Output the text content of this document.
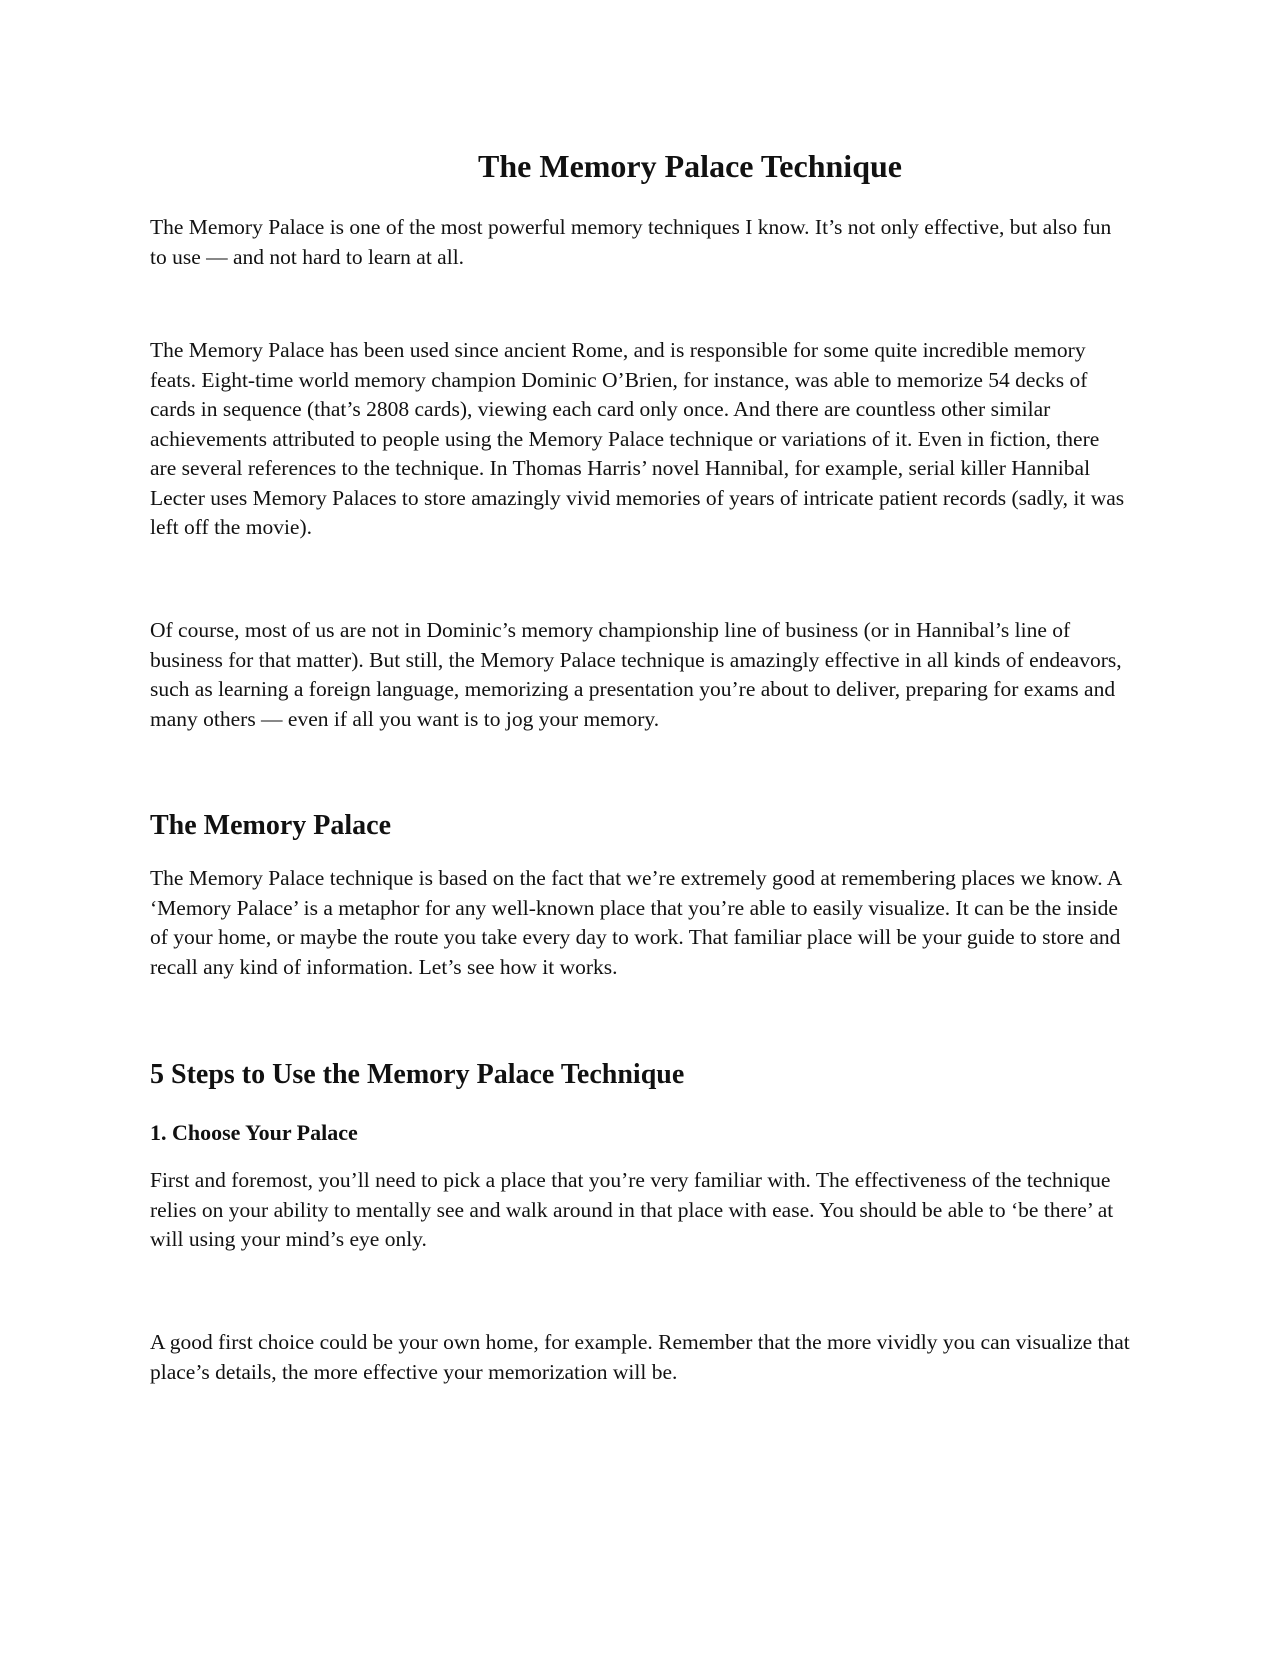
The Memory Palace Technique

The Memory Palace is one of the most powerful memory techniques I know. It’s not only effective, but also fun to use — and not hard to learn at all.

The Memory Palace has been used since ancient Rome, and is responsible for some quite incredible memory feats. Eight-time world memory champion Dominic O’Brien, for instance, was able to memorize 54 decks of cards in sequence (that’s 2808 cards), viewing each card only once. And there are countless other similar achievements attributed to people using the Memory Palace technique or variations of it. Even in fiction, there are several references to the technique. In Thomas Harris’ novel Hannibal, for example, serial killer Hannibal Lecter uses Memory Palaces to store amazingly vivid memories of years of intricate patient records (sadly, it was left off the movie).

Of course, most of us are not in Dominic’s memory championship line of business (or in Hannibal’s line of business for that matter). But still, the Memory Palace technique is amazingly effective in all kinds of endeavors, such as learning a foreign language, memorizing a presentation you’re about to deliver, preparing for exams and many others — even if all you want is to jog your memory.

The Memory Palace

The Memory Palace technique is based on the fact that we’re extremely good at remembering places we know. A ‘Memory Palace’ is a metaphor for any well-known place that you’re able to easily visualize. It can be the inside of your home, or maybe the route you take every day to work. That familiar place will be your guide to store and recall any kind of information. Let’s see how it works.

5 Steps to Use the Memory Palace Technique
1. Choose Your Palace

First and foremost, you’ll need to pick a place that you’re very familiar with. The effectiveness of the technique relies on your ability to mentally see and walk around in that place with ease. You should be able to ‘be there’ at will using your mind’s eye only.

A good first choice could be your own home, for example. Remember that the more vividly you can visualize that place’s details, the more effective your memorization will be.
